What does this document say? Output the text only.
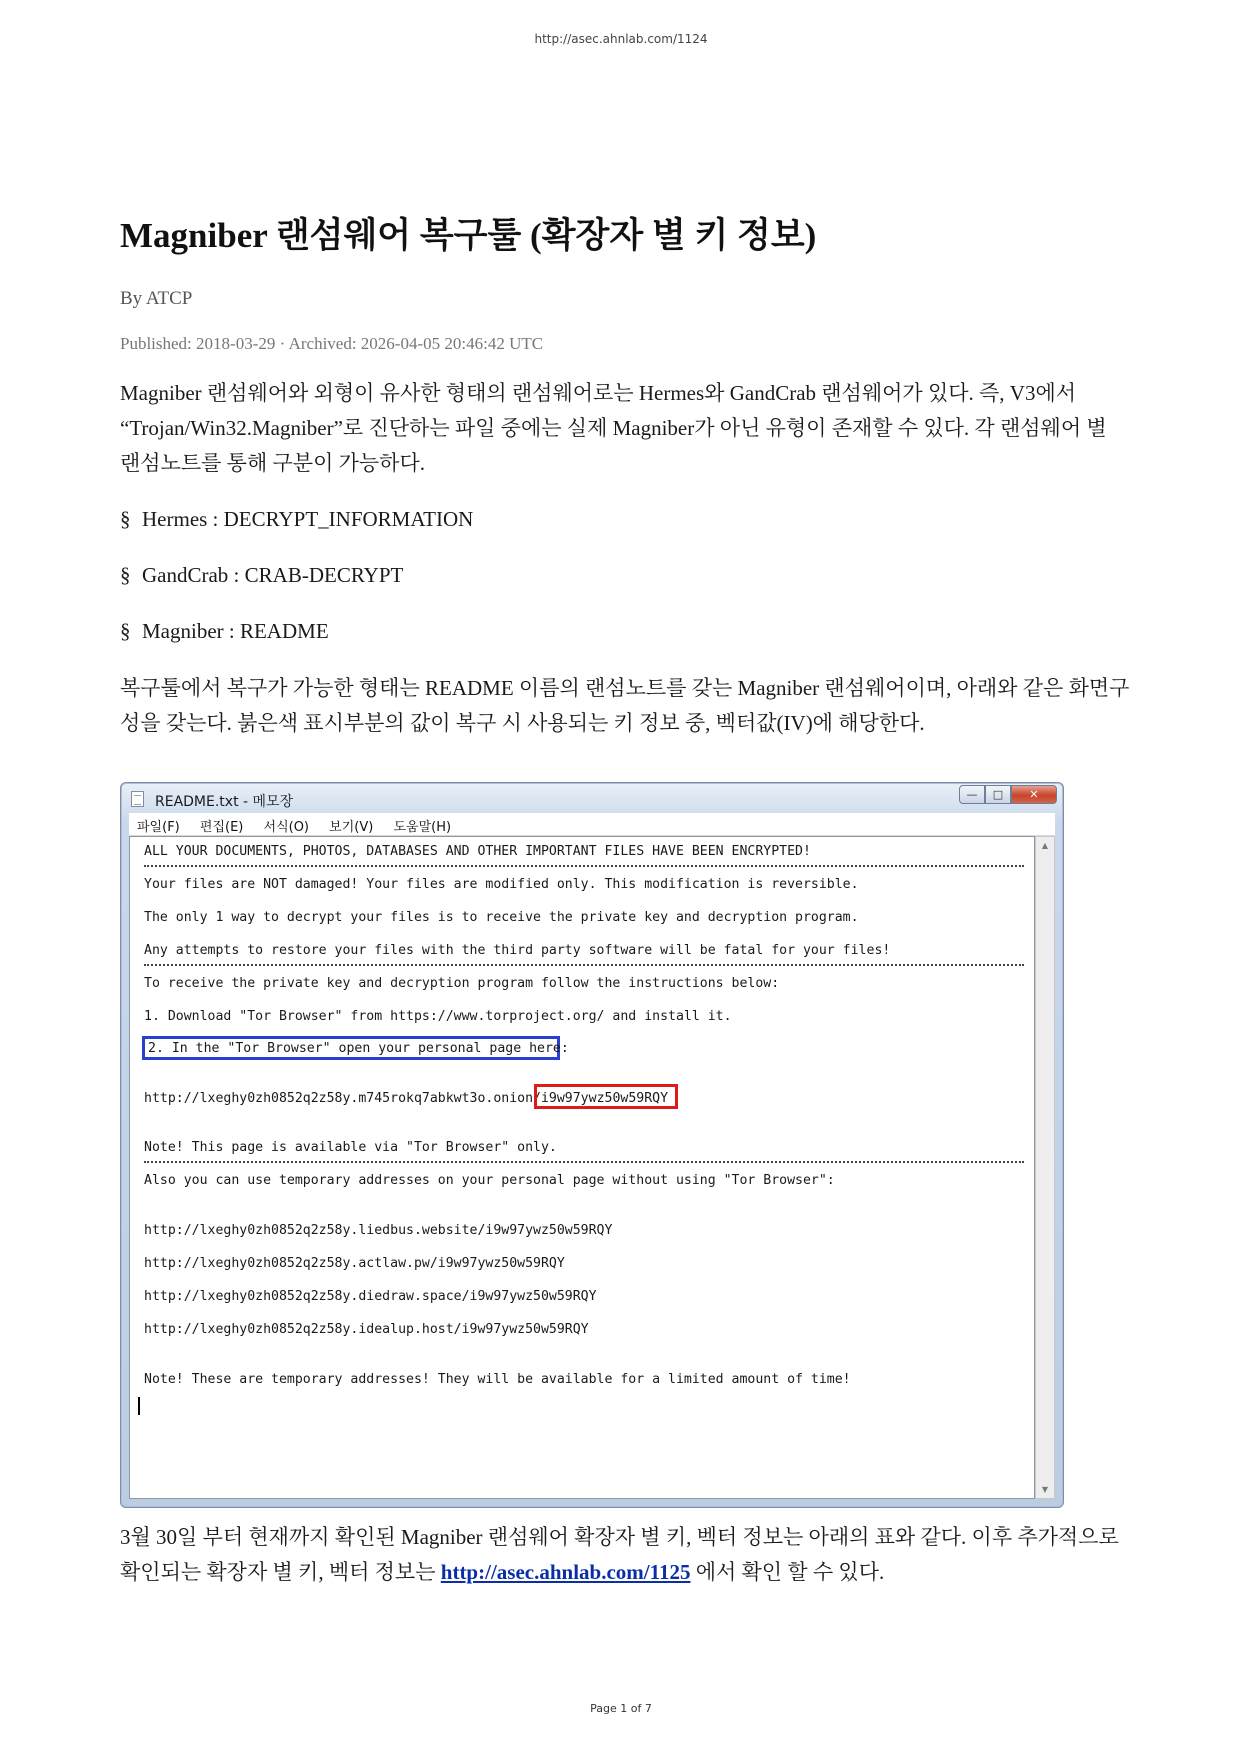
http://asec.ahnlab.com/1124
Magniber 랜섬웨어 복구툴 (확장자 별 키 정보)
By ATCP
Published: 2018-03-29 · Archived: 2026-04-05 20:46:42 UTC

Magniber 랜섬웨어와 외형이 유사한 형태의 랜섬웨어로는 Hermes와 GandCrab 랜섬웨어가 있다. 즉, V3에서 “Trojan/Win32.Magniber”로 진단하는 파일 중에는 실제 Magniber가 아닌 유형이 존재할 수 있다. 각 랜섬웨어 별 랜섬노트를 통해 구분이 가능하다.

§ Hermes : DECRYPT_INFORMATION
§ GandCrab : CRAB-DECRYPT
§ Magniber : README

복구툴에서 복구가 가능한 형태는 README 이름의 랜섬노트를 갖는 Magniber 랜섬웨어이며, 아래와 같은 화면구성을 갖는다. 붉은색 표시부분의 값이 복구 시 사용되는 키 정보 중, 벡터값(IV)에 해당한다.

README.txt - 메모장	—	□	✕
파일(F) 편집(E) 서식(O) 보기(V) 도움말(H)
ALL YOUR DOCUMENTS, PHOTOS, DATABASES AND OTHER IMPORTANT FILES HAVE BEEN ENCRYPTED!
Your files are NOT damaged! Your files are modified only. This modification is reversible.
The only 1 way to decrypt your files is to receive the private key and decryption program.
Any attempts to restore your files with the third party software will be fatal for your files!
To receive the private key and decryption program follow the instructions below:
1. Download "Tor Browser" from https://www.torproject.org/ and install it.
2. In the "Tor Browser" open your personal page here:
http://lxeghy0zh0852q2z58y.m745rokq7abkwt3o.onion/i9w97ywz50w59RQY
Note! This page is available via "Tor Browser" only.
Also you can use temporary addresses on your personal page without using "Tor Browser":
http://lxeghy0zh0852q2z58y.liedbus.website/i9w97ywz50w59RQY
http://lxeghy0zh0852q2z58y.actlaw.pw/i9w97ywz50w59RQY
http://lxeghy0zh0852q2z58y.diedraw.space/i9w97ywz50w59RQY
http://lxeghy0zh0852q2z58y.idealup.host/i9w97ywz50w59RQY
Note! These are temporary addresses! They will be available for a limited amount of time!
▲
▼

3월 30일 부터 현재까지 확인된 Magniber 랜섬웨어 확장자 별 키, 벡터 정보는 아래의 표와 같다. 이후 추가적으로 확인되는 확장자 별 키, 벡터 정보는 http://asec.ahnlab.com/1125 에서 확인 할 수 있다.

Page 1 of 7
